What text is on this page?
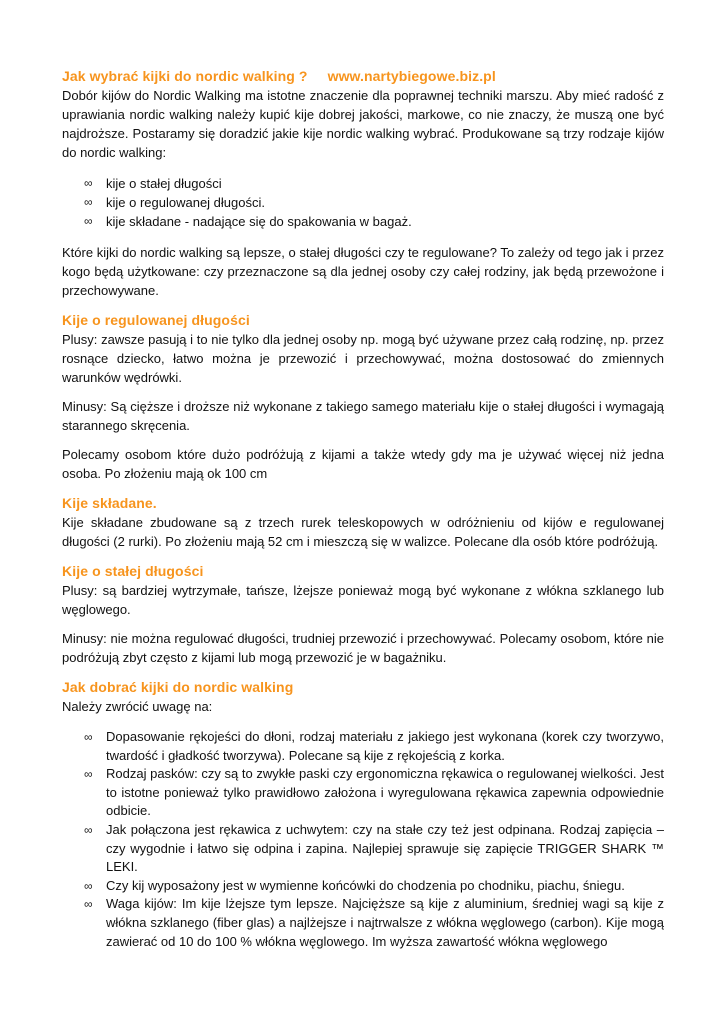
Jak wybrać kijki do nordic walking ? www.nartybiegowe.biz.pl

Dobór kijów do Nordic Walking ma istotne znaczenie dla poprawnej techniki marszu. Aby mieć radość z uprawiania nordic walking należy kupić kije dobrej jakości, markowe, co nie znaczy, że muszą one być najdroższe. Postaramy się doradzić jakie kije nordic walking wybrać. Produkowane są trzy rodzaje kijów do nordic walking:

∞ kije o stałej długości
∞ kije o regulowanej długości.
∞ kije składane - nadające się do spakowania w bagaż.

Które kijki do nordic walking są lepsze, o stałej długości czy te regulowane? To zależy od tego jak i przez kogo będą użytkowane: czy przeznaczone są dla jednej osoby czy całej rodziny, jak będą przewożone i przechowywane.

Kije o regulowanej długości

Plusy: zawsze pasują i to nie tylko dla jednej osoby np. mogą być używane przez całą rodzinę, np. przez rosnące dziecko, łatwo można je przewozić i przechowywać, można dostosować do zmiennych warunków wędrówki.

Minusy: Są cięższe i droższe niż wykonane z takiego samego materiału kije o stałej długości i wymagają starannego skręcenia.

Polecamy osobom które dużo podróżują z kijami a także wtedy gdy ma je używać więcej niż jedna osoba. Po złożeniu mają ok 100 cm

Kije składane.

Kije składane zbudowane są z trzech rurek teleskopowych w odróżnieniu od kijów e regulowanej długości (2 rurki). Po złożeniu mają 52 cm i mieszczą się w walizce. Polecane dla osób które podróżują.

Kije o stałej długości

Plusy: są bardziej wytrzymałe, tańsze, lżejsze ponieważ mogą być wykonane z włókna szklanego lub węglowego.

Minusy: nie można regulować długości, trudniej przewozić i przechowywać. Polecamy osobom, które nie podróżują zbyt często z kijami lub mogą przewozić je w bagażniku.

Jak dobrać kijki do nordic walking

Należy zwrócić uwagę na:

∞ Dopasowanie rękojeści do dłoni, rodzaj materiału z jakiego jest wykonana (korek czy tworzywo, twardość i gładkość tworzywa). Polecane są kije z rękojeścią z korka.
∞ Rodzaj pasków: czy są to zwykłe paski czy ergonomiczna rękawica o regulowanej wielkości. Jest to istotne ponieważ tylko prawidłowo założona i wyregulowana rękawica zapewnia odpowiednie odbicie.
∞ Jak połączona jest rękawica z uchwytem: czy na stałe czy też jest odpinana. Rodzaj zapięcia – czy wygodnie i łatwo się odpina i zapina. Najlepiej sprawuje się zapięcie TRIGGER SHARK ™ LEKI.
∞ Czy kij wyposażony jest w wymienne końcówki do chodzenia po chodniku, piachu, śniegu.
∞ Waga kijów: Im kije lżejsze tym lepsze. Najcięższe są kije z aluminium, średniej wagi są kije z włókna szklanego (fiber glas) a najlżejsze i najtrwalsze z włókna węglowego (carbon). Kije mogą zawierać od 10 do 100 % włókna węglowego. Im wyższa zawartość włókna węglowego
